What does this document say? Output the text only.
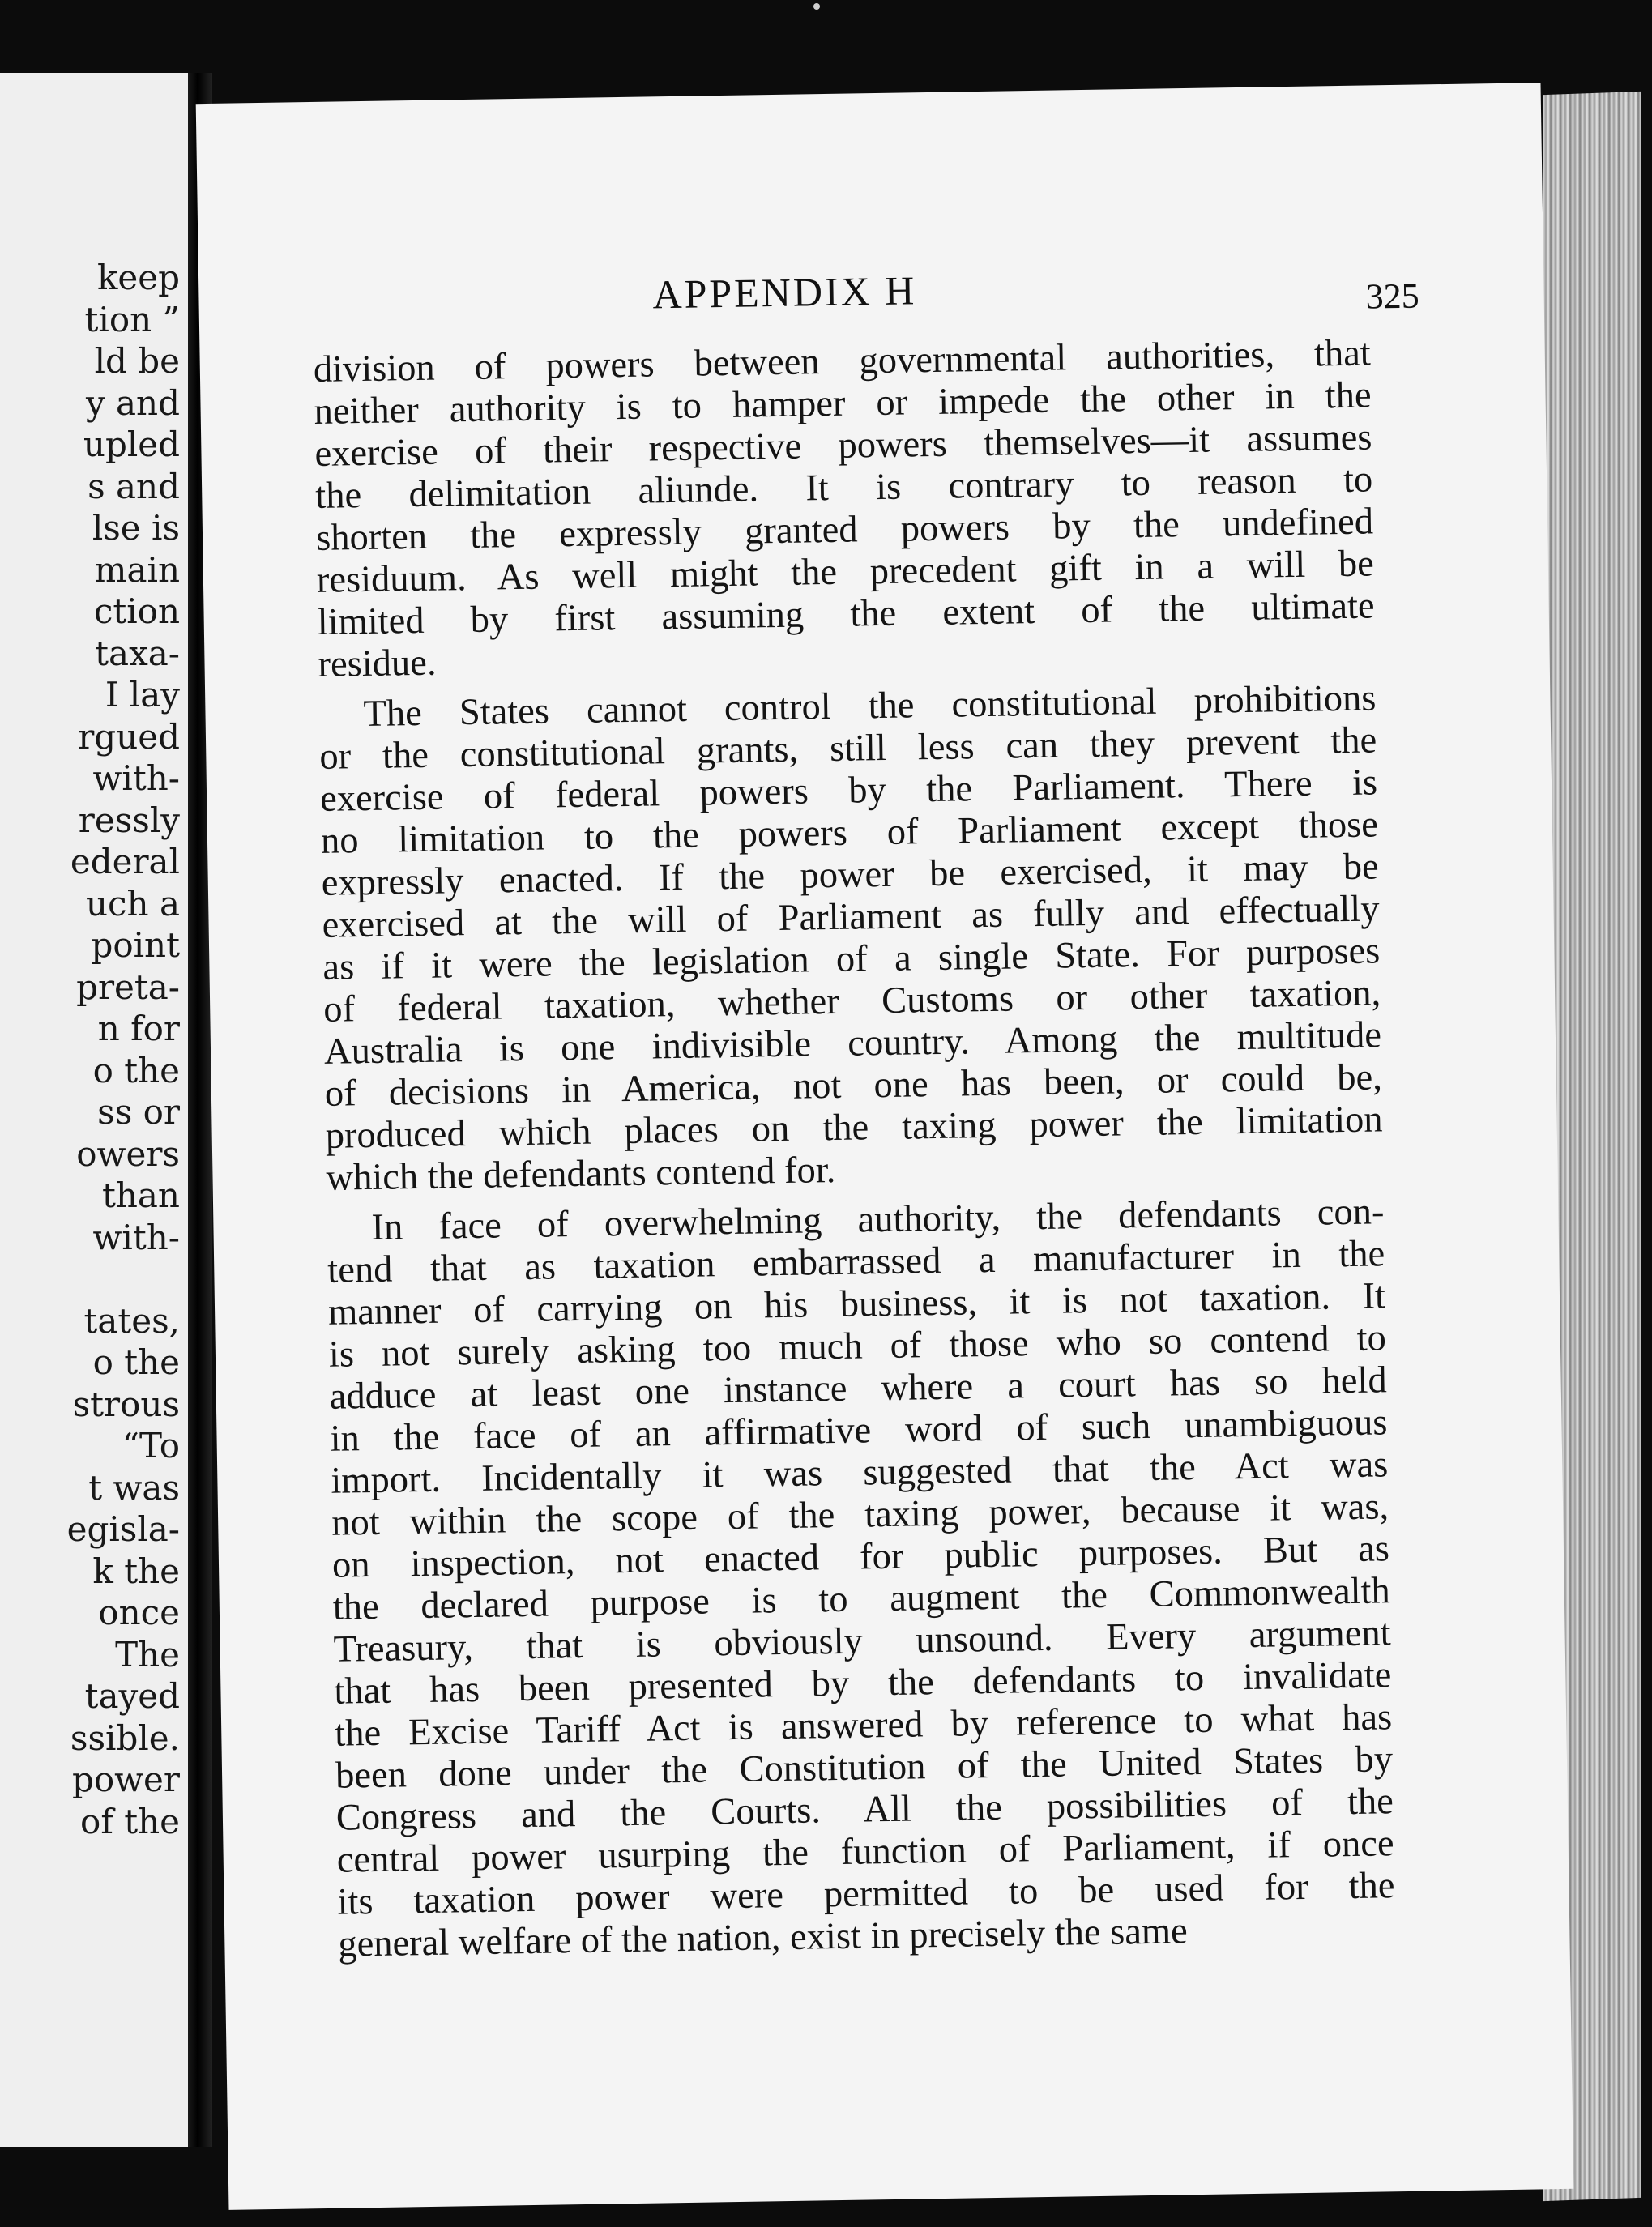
keep
tion ”
ld be
y and
upled
s and
lse is
main
ction
taxa-
I lay
rgued
with-
ressly
ederal
uch a
point
preta-
n for
o the
ss or
owers
than
with-
tates,
o the
strous
“To
t was
egisla-
k the
once
The
tayed
ssible.
power
of the
APPENDIX H	325
division of powers between governmental authorities, that
neither authority is to hamper or impede the other in the
exercise of their respective powers themselves—it assumes
the delimitation aliunde. It is contrary to reason to
shorten the expressly granted powers by the undefined
residuum. As well might the precedent gift in a will be
limited by first assuming the extent of the ultimate
residue.
The States cannot control the constitutional prohibitions
or the constitutional grants, still less can they prevent the
exercise of federal powers by the Parliament. There is
no limitation to the powers of Parliament except those
expressly enacted. If the power be exercised, it may be
exercised at the will of Parliament as fully and effectually
as if it were the legislation of a single State. For purposes
of federal taxation, whether Customs or other taxation,
Australia is one indivisible country. Among the multitude
of decisions in America, not one has been, or could be,
produced which places on the taxing power the limitation
which the defendants contend for.
In face of overwhelming authority, the defendants con-
tend that as taxation embarrassed a manufacturer in the
manner of carrying on his business, it is not taxation. It
is not surely asking too much of those who so contend to
adduce at least one instance where a court has so held
in the face of an affirmative word of such unambiguous
import. Incidentally it was suggested that the Act was
not within the scope of the taxing power, because it was,
on inspection, not enacted for public purposes. But as
the declared purpose is to augment the Commonwealth
Treasury, that is obviously unsound. Every argument
that has been presented by the defendants to invalidate
the Excise Tariff Act is answered by reference to what has
been done under the Constitution of the United States by
Congress and the Courts. All the possibilities of the
central power usurping the function of Parliament, if once
its taxation power were permitted to be used for the
general welfare of the nation, exist in precisely the same
